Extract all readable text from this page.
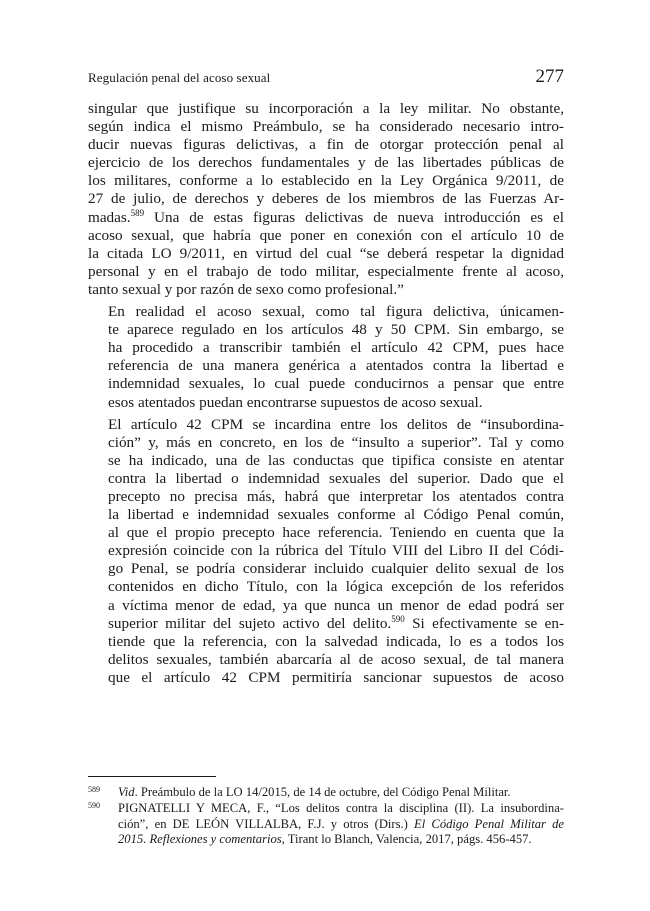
Regulación penal del acoso sexual	277

singular que justifique su incorporación a la ley militar. No obstante,
según indica el mismo Preámbulo, se ha considerado necesario intro-
ducir nuevas figuras delictivas, a fin de otorgar protección penal al
ejercicio de los derechos fundamentales y de las libertades públicas de
los militares, conforme a lo establecido en la Ley Orgánica 9/2011, de
27 de julio, de derechos y deberes de los miembros de las Fuerzas Ar-
madas.$^{589}$ Una de estas figuras delictivas de nueva introducción es el
acoso sexual, que habría que poner en conexión con el artículo 10 de
la citada LO 9/2011, en virtud del cual “se deberá respetar la dignidad
personal y en el trabajo de todo militar, especialmente frente al acoso,
tanto sexual y por razón de sexo como profesional.”

En realidad el acoso sexual, como tal figura delictiva, únicamen-
te aparece regulado en los artículos 48 y 50 CPM. Sin embargo, se
ha procedido a transcribir también el artículo 42 CPM, pues hace
referencia de una manera genérica a atentados contra la libertad e
indemnidad sexuales, lo cual puede conducirnos a pensar que entre
esos atentados puedan encontrarse supuestos de acoso sexual.

El artículo 42 CPM se incardina entre los delitos de “insubordina-
ción” y, más en concreto, en los de “insulto a superior”. Tal y como
se ha indicado, una de las conductas que tipifica consiste en atentar
contra la libertad o indemnidad sexuales del superior. Dado que el
precepto no precisa más, habrá que interpretar los atentados contra
la libertad e indemnidad sexuales conforme al Código Penal común,
al que el propio precepto hace referencia. Teniendo en cuenta que la
expresión coincide con la rúbrica del Título VIII del Libro II del Códi-
go Penal, se podría considerar incluido cualquier delito sexual de los
contenidos en dicho Título, con la lógica excepción de los referidos
a víctima menor de edad, ya que nunca un menor de edad podrá ser
superior militar del sujeto activo del delito.$^{590}$ Si efectivamente se en-
tiende que la referencia, con la salvedad indicada, lo es a todos los
delitos sexuales, también abarcaría al de acoso sexual, de tal manera
que el artículo 42 CPM permitiría sancionar supuestos de acoso

589 Vid. Preámbulo de la LO 14/2015, de 14 de octubre, del Código Penal Militar.
590 PIGNATELLI Y MECA, F., “Los delitos contra la disciplina (II). La insubordina-
ción”, en DE LEÓN VILLALBA, F.J. y otros (Dirs.) El Código Penal Militar de
2015. Reflexiones y comentarios, Tirant lo Blanch, Valencia, 2017, págs. 456-457.
